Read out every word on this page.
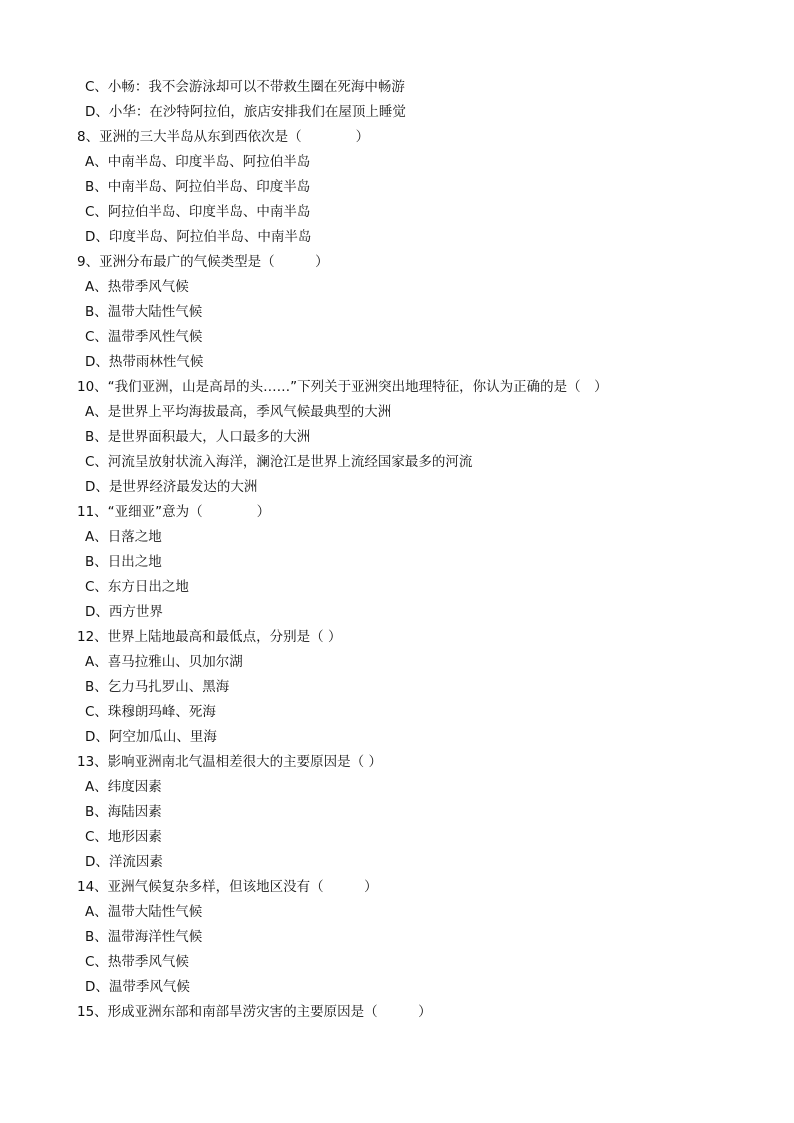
C、小畅：我不会游泳却可以不带救生圈在死海中畅游
D、小华：在沙特阿拉伯，旅店安排我们在屋顶上睡觉
8、亚洲的三大半岛从东到西依次是（　　　　）
A、中南半岛、印度半岛、阿拉伯半岛
B、中南半岛、阿拉伯半岛、印度半岛
C、阿拉伯半岛、印度半岛、中南半岛
D、印度半岛、阿拉伯半岛、中南半岛
9、亚洲分布最广的气候类型是（　　　）
A、热带季风气候
B、温带大陆性气候
C、温带季风性气候
D、热带雨林性气候
10、“我们亚洲，山是高昂的头……”下列关于亚洲突出地理特征，你认为正确的是（　）
A、是世界上平均海拔最高，季风气候最典型的大洲
B、是世界面积最大，人口最多的大洲
C、河流呈放射状流入海洋，澜沧江是世界上流经国家最多的河流
D、是世界经济最发达的大洲
11、“亚细亚”意为（　　　　）
A、日落之地
B、日出之地
C、东方日出之地
D、西方世界
12、世界上陆地最高和最低点，分别是（ ）
A、喜马拉雅山、贝加尔湖
B、乞力马扎罗山、黑海
C、珠穆朗玛峰、死海
D、阿空加瓜山、里海
13、影响亚洲南北气温相差很大的主要原因是（ ）
A、纬度因素
B、海陆因素
C、地形因素
D、洋流因素
14、亚洲气候复杂多样，但该地区没有（　　　）
A、温带大陆性气候
B、温带海洋性气候
C、热带季风气候
D、温带季风气候
15、形成亚洲东部和南部旱涝灾害的主要原因是（　　　）
